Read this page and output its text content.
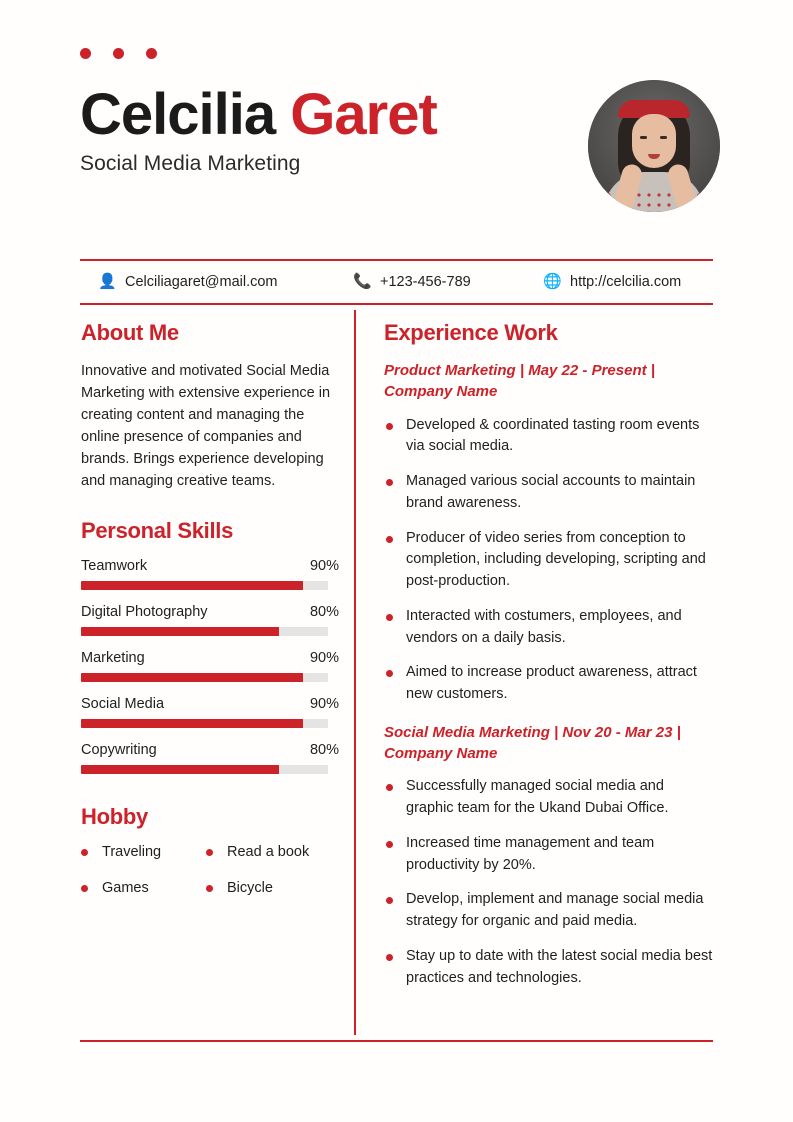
Celcilia Garet
Social Media Marketing
👤 Celciliagaret@mail.com	📞 +123-456-789	🌐 http://celcilia.com
About Me

Innovative and motivated Social Media Marketing with extensive experience in creating content and managing the online presence of companies and brands. Brings experience developing and managing creative teams.

Personal Skills
Teamwork	90%
Digital Photography	80%
Marketing	90%
Social Media	90%
Copywriting	80%
Hobby
Traveling	Read a book
Games	Bicycle
Experience Work
Product Marketing | May 22 - Present | Company Name
Developed & coordinated tasting room events via social media.
Managed various social accounts to maintain brand awareness.
Producer of video series from conception to completion, including developing, scripting and post-production.
Interacted with costumers, employees, and vendors on a daily basis.
Aimed to increase product awareness, attract new customers.
Social Media Marketing | Nov 20 - Mar 23 | Company Name
Successfully managed social media and graphic team for the Ukand Dubai Office.
Increased time management and team productivity by 20%.
Develop, implement and manage social media strategy for organic and paid media.
Stay up to date with the latest social media best practices and technologies.
